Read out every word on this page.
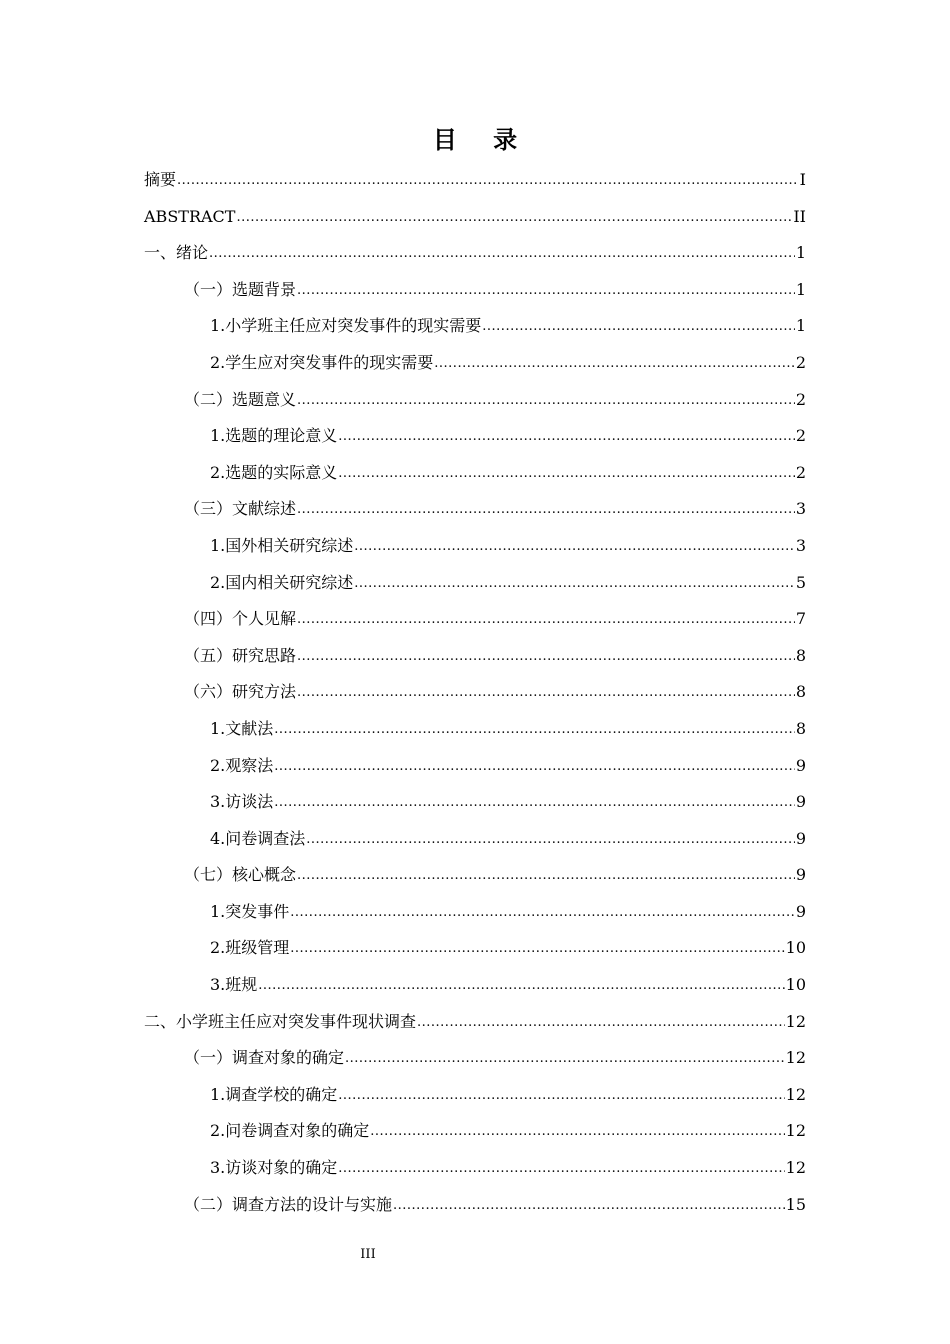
目 录
摘要 .....	I
ABSTRACT .....	II
一、绪论 .....	1
（一）选题背景 .....	1
1.小学班主任应对突发事件的现实需要 .....	1
2.学生应对突发事件的现实需要 .....	2
（二）选题意义 .....	2
1.选题的理论意义 .....	2
2.选题的实际意义 .....	2
（三）文献综述 .....	3
1.国外相关研究综述 .....	3
2.国内相关研究综述 .....	5
（四）个人见解 .....	7
（五）研究思路 .....	8
（六）研究方法 .....	8
1.文献法 .....	8
2.观察法 .....	9
3.访谈法 .....	9
4.问卷调查法 .....	9
（七）核心概念 .....	9
1.突发事件 .....	9
2.班级管理 .....	10
3.班规 .....	10
二、小学班主任应对突发事件现状调查 .....	12
（一）调查对象的确定 .....	12
1.调查学校的确定 .....	12
2.问卷调查对象的确定 .....	12
3.访谈对象的确定 .....	12
（二）调查方法的设计与实施 .....	15
III
